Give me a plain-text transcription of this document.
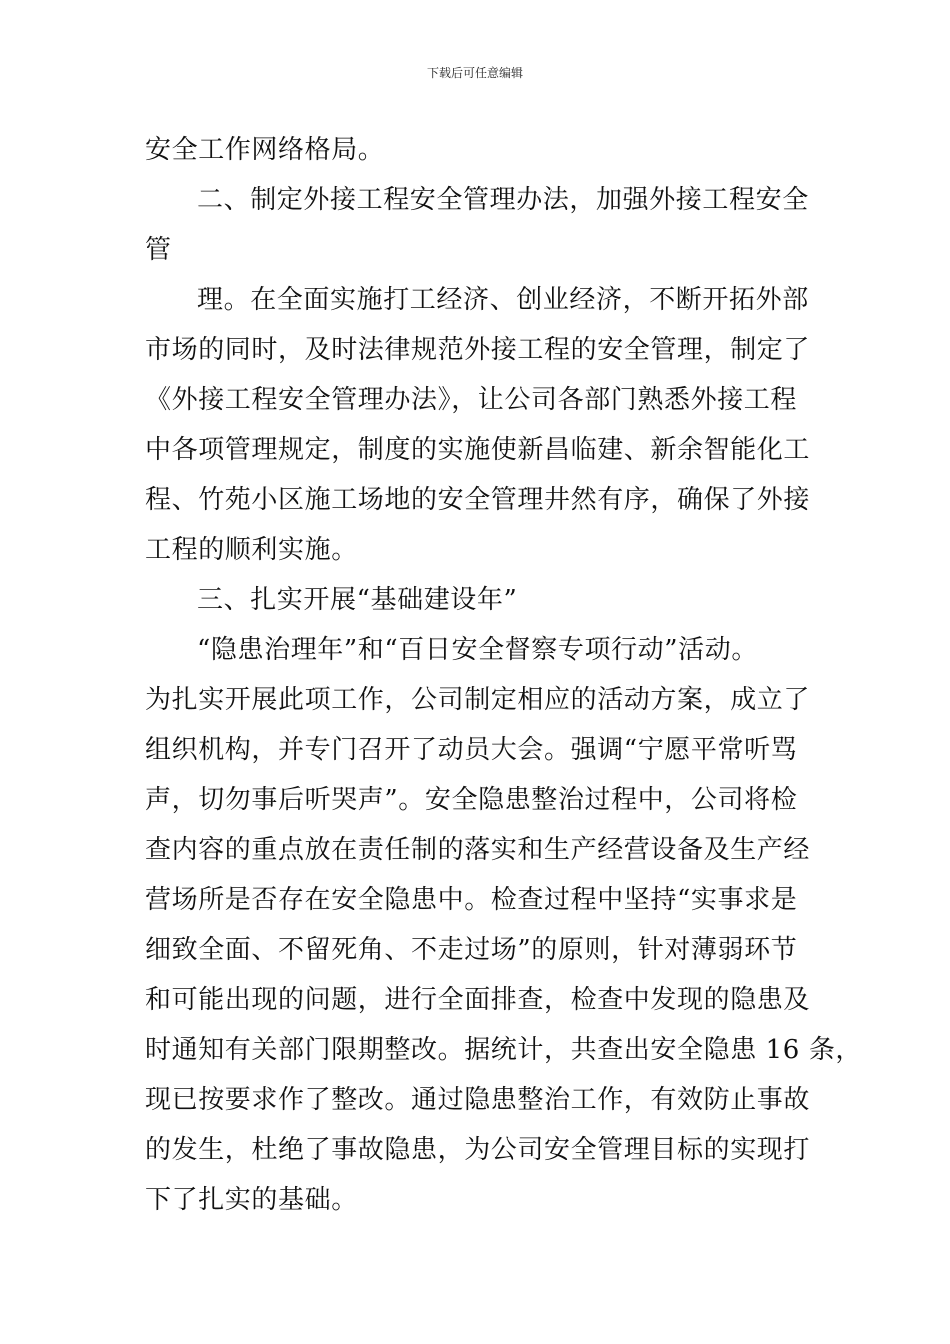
下载后可任意编辑
安全工作网络格局。
二、制定外接工程安全管理办法，加强外接工程安全
管
理。在全面实施打工经济、创业经济，不断开拓外部
市场的同时，及时法律规范外接工程的安全管理，制定了
《外接工程安全管理办法》，让公司各部门熟悉外接工程
中各项管理规定，制度的实施使新昌临建、新余智能化工
程、竹苑小区施工场地的安全管理井然有序，确保了外接
工程的顺利实施。
三、扎实开展“基础建设年”
“隐患治理年”和“百日安全督察专项行动”活动。
为扎实开展此项工作，公司制定相应的活动方案，成立了
组织机构，并专门召开了动员大会。强调“宁愿平常听骂
声，切勿事后听哭声”。安全隐患整治过程中，公司将检
查内容的重点放在责任制的落实和生产经营设备及生产经
营场所是否存在安全隐患中。检查过程中坚持“实事求是
细致全面、不留死角、不走过场”的原则，针对薄弱环节
和可能出现的问题，进行全面排查，检查中发现的隐患及
时通知有关部门限期整改。据统计，共查出安全隐患 16 条，
现已按要求作了整改。通过隐患整治工作，有效防止事故
的发生，杜绝了事故隐患，为公司安全管理目标的实现打
下了扎实的基础。
